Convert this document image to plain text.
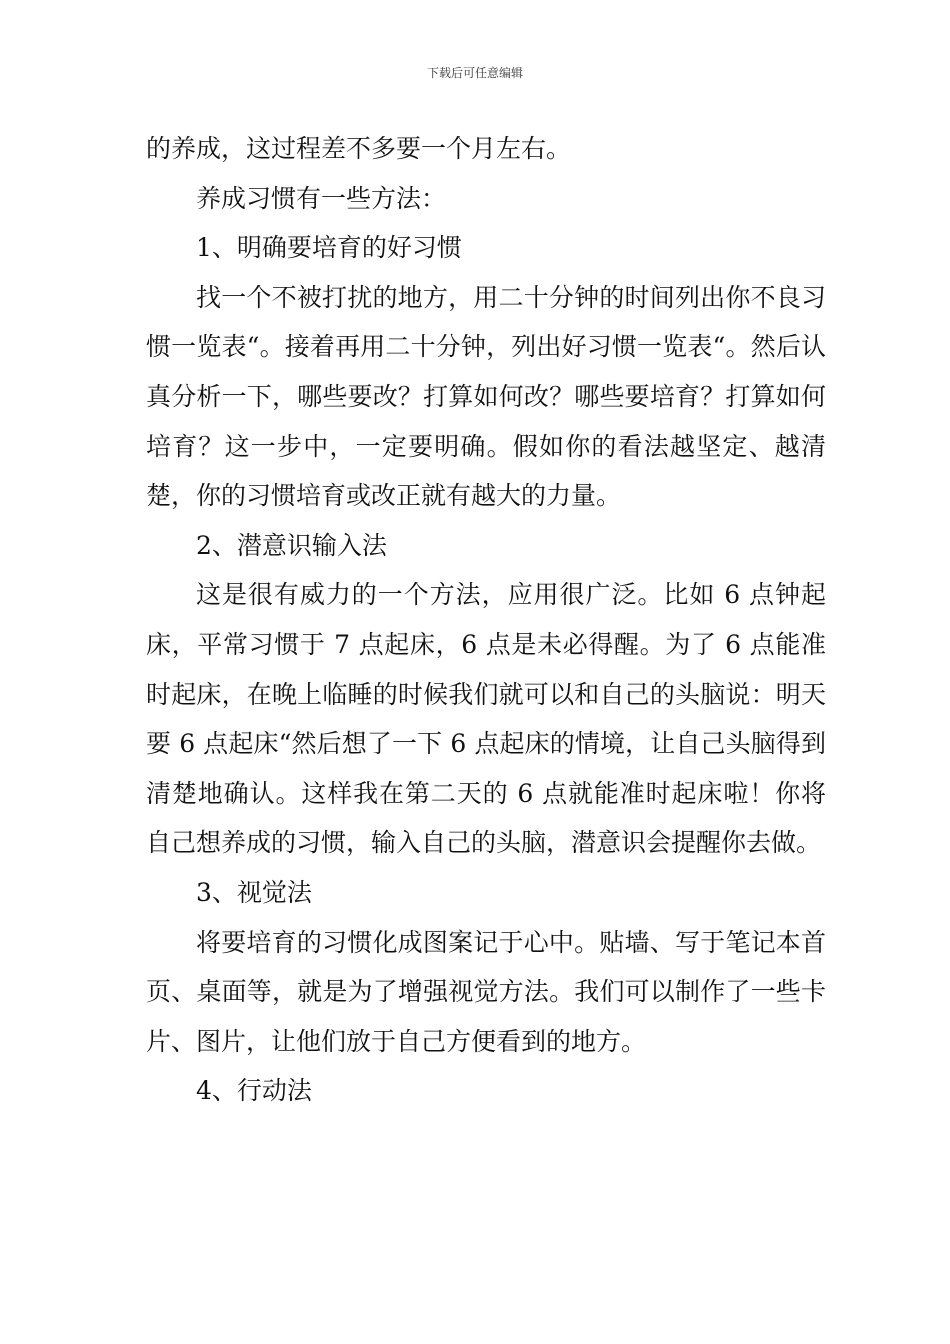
下载后可任意编辑

的养成，这过程差不多要一个月左右。

养成习惯有一些方法：

1、明确要培育的好习惯

找一个不被打扰的地方，用二十分钟的时间列出你不良习惯一览表“。接着再用二十分钟，列出好习惯一览表“。然后认真分析一下，哪些要改？打算如何改？哪些要培育？打算如何培育？这一步中，一定要明确。假如你的看法越坚定、越清楚，你的习惯培育或改正就有越大的力量。

2、潜意识输入法

这是很有威力的一个方法，应用很广泛。比如 6 点钟起床，平常习惯于 7 点起床，6 点是未必得醒。为了 6 点能准时起床，在晚上临睡的时候我们就可以和自己的头脑说：明天要 6 点起床“然后想了一下 6 点起床的情境，让自己头脑得到清楚地确认。这样我在第二天的 6 点就能准时起床啦！你将自己想养成的习惯，输入自己的头脑，潜意识会提醒你去做。

3、视觉法

将要培育的习惯化成图案记于心中。贴墙、写于笔记本首页、桌面等，就是为了增强视觉方法。我们可以制作了一些卡片、图片，让他们放于自己方便看到的地方。

4、行动法
